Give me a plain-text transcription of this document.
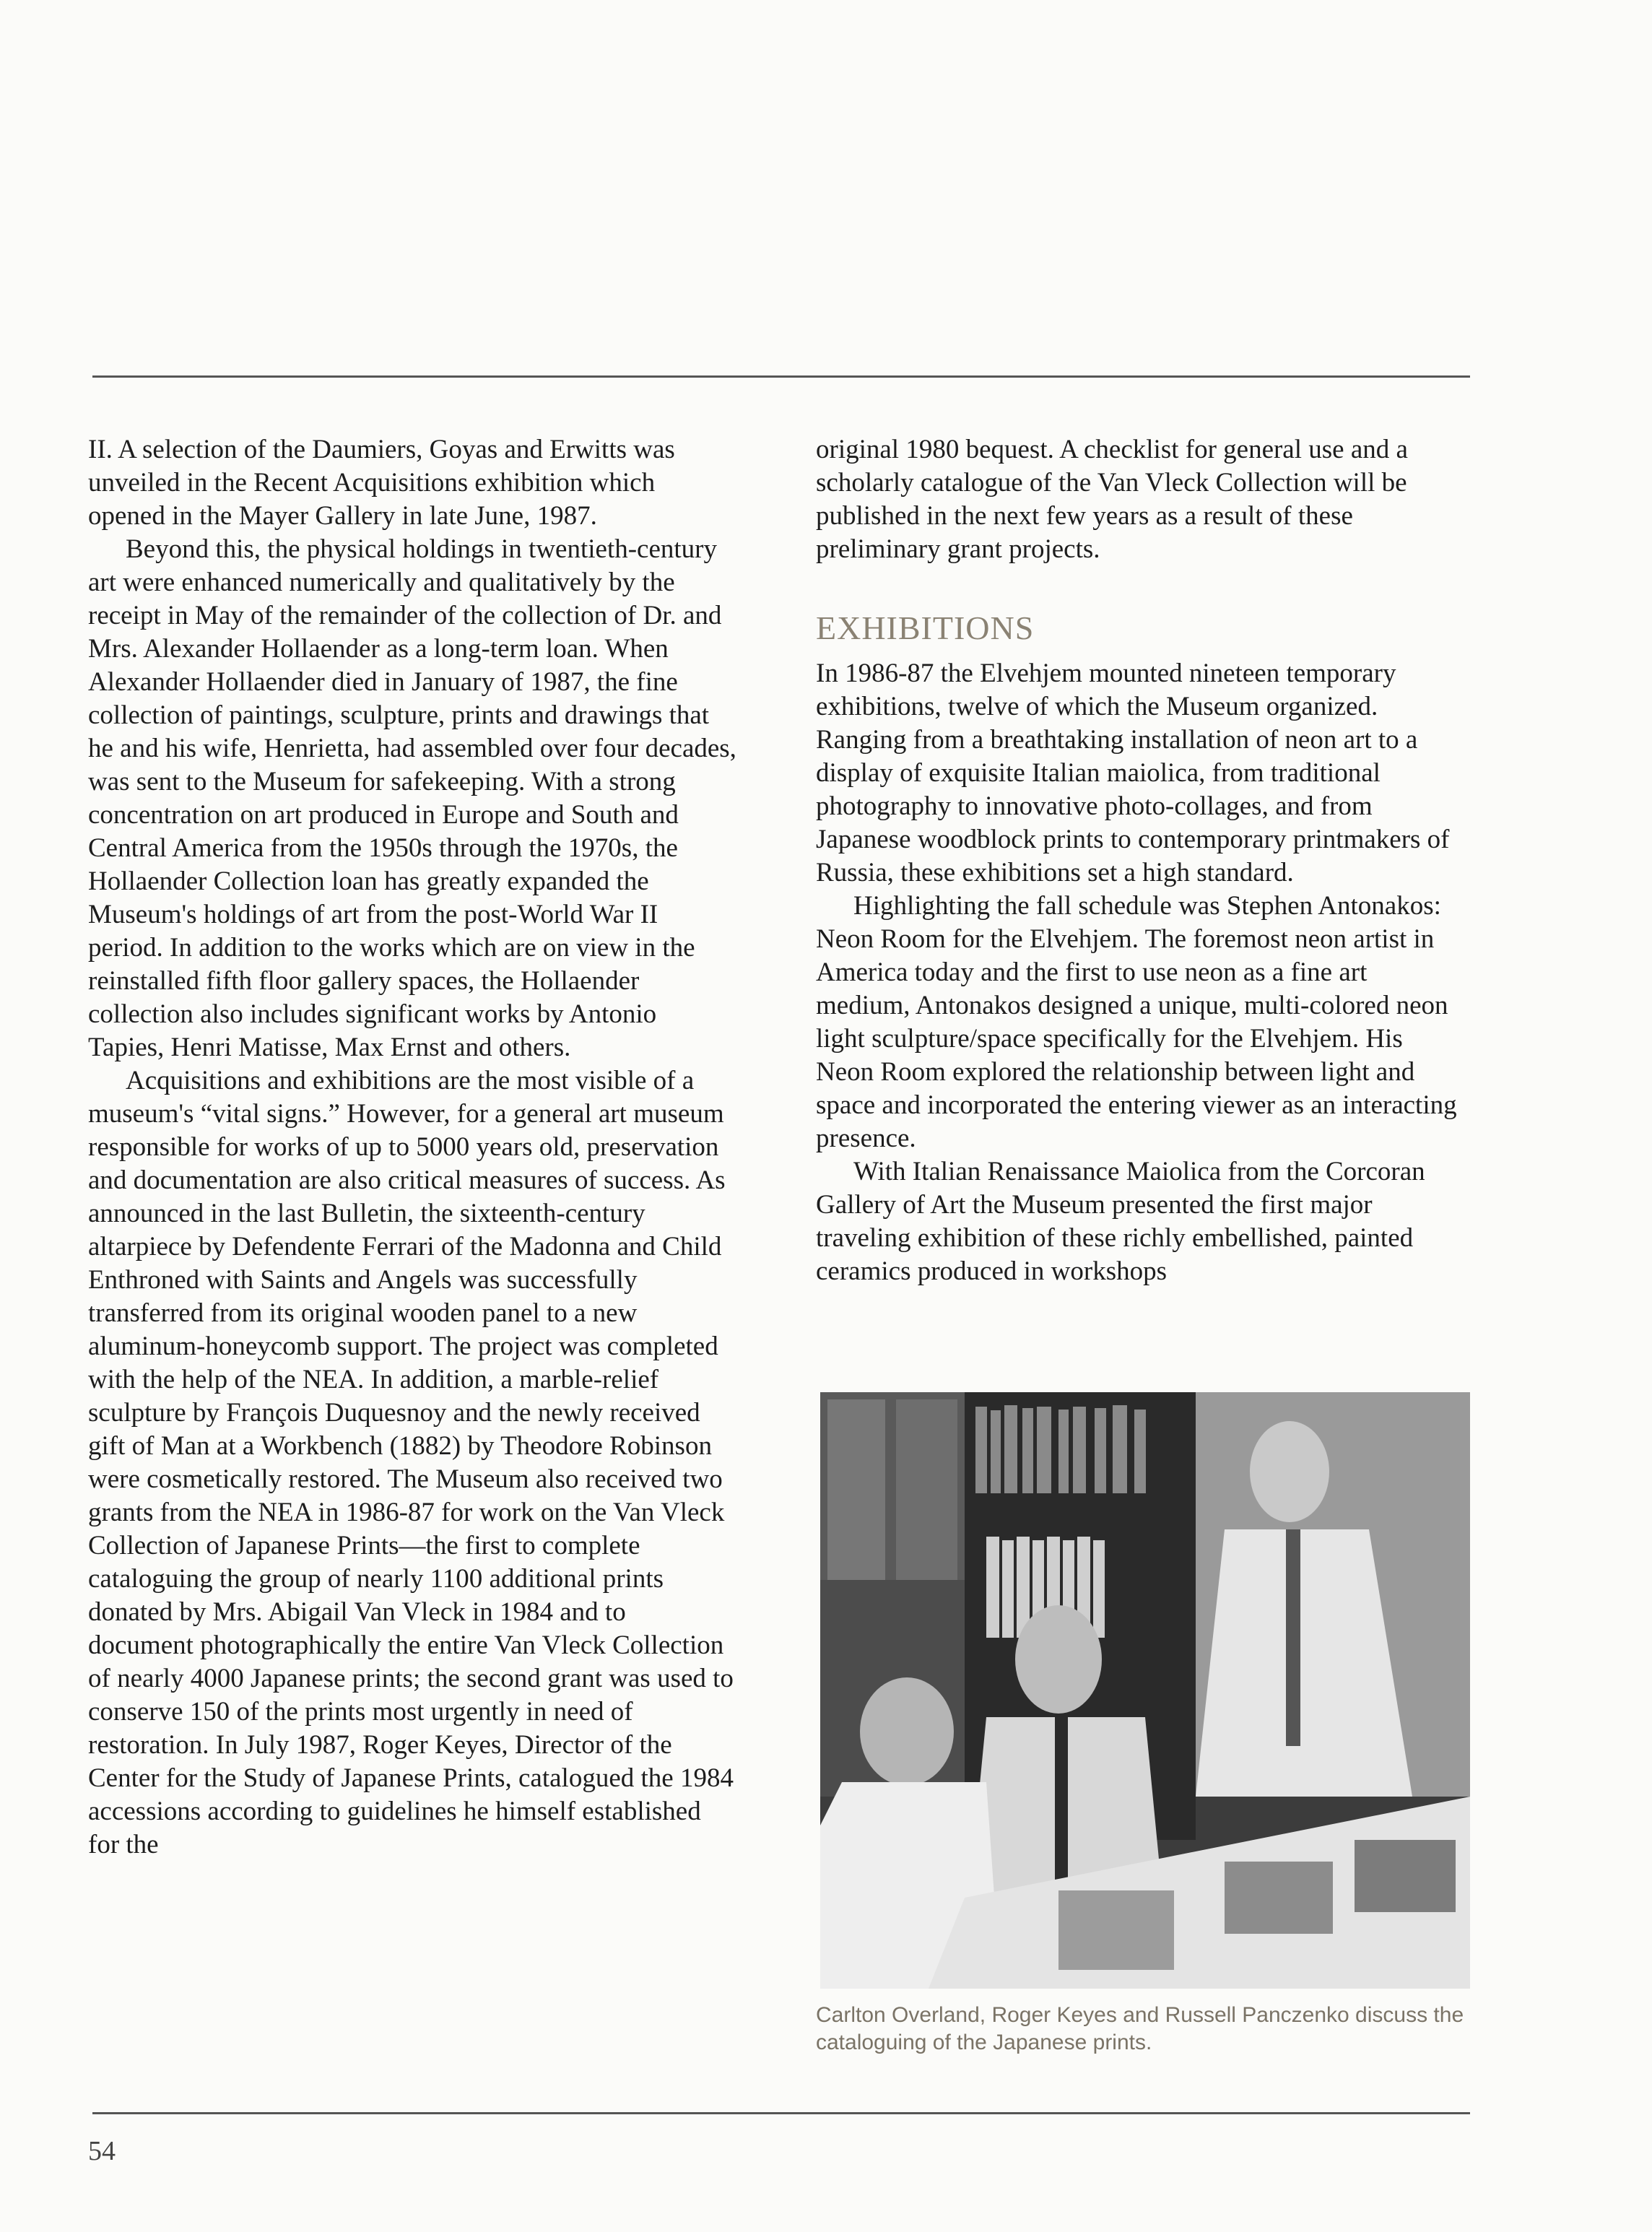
II. A selection of the Daumiers, Goyas and Erwitts was unveiled in the Recent Acquisitions exhibition which opened in the Mayer Gallery in late June, 1987.

Beyond this, the physical holdings in twentieth-century art were enhanced numerically and qualitatively by the receipt in May of the remainder of the collection of Dr. and Mrs. Alexander Hollaender as a long-term loan. When Alexander Hollaender died in January of 1987, the fine collection of paintings, sculpture, prints and drawings that he and his wife, Henrietta, had assembled over four decades, was sent to the Museum for safekeeping. With a strong concentration on art produced in Europe and South and Central America from the 1950s through the 1970s, the Hollaender Collection loan has greatly expanded the Museum's holdings of art from the post-World War II period. In addition to the works which are on view in the reinstalled fifth floor gallery spaces, the Hollaender collection also includes significant works by Antonio Tapies, Henri Matisse, Max Ernst and others.

Acquisitions and exhibitions are the most visible of a museum's “vital signs.” However, for a general art museum responsible for works of up to 5000 years old, preservation and documentation are also critical measures of success. As announced in the last Bulletin, the sixteenth-century altarpiece by Defendente Ferrari of the Madonna and Child Enthroned with Saints and Angels was successfully transferred from its original wooden panel to a new aluminum-honeycomb support. The project was completed with the help of the NEA. In addition, a marble-relief sculpture by François Duquesnoy and the newly received gift of Man at a Workbench (1882) by Theodore Robinson were cosmetically restored. The Museum also received two grants from the NEA in 1986-87 for work on the Van Vleck Collection of Japanese Prints—the first to complete cataloguing the group of nearly 1100 additional prints donated by Mrs. Abigail Van Vleck in 1984 and to document photographically the entire Van Vleck Collection of nearly 4000 Japanese prints; the second grant was used to conserve 150 of the prints most urgently in need of restoration. In July 1987, Roger Keyes, Director of the Center for the Study of Japanese Prints, catalogued the 1984 accessions according to guidelines he himself established for the

original 1980 bequest. A checklist for general use and a scholarly catalogue of the Van Vleck Collection will be published in the next few years as a result of these preliminary grant projects.

EXHIBITIONS

In 1986-87 the Elvehjem mounted nineteen temporary exhibitions, twelve of which the Museum organized. Ranging from a breathtaking installation of neon art to a display of exquisite Italian maiolica, from traditional photography to innovative photo-collages, and from Japanese woodblock prints to contemporary printmakers of Russia, these exhibitions set a high standard.

Highlighting the fall schedule was Stephen Antonakos: Neon Room for the Elvehjem. The foremost neon artist in America today and the first to use neon as a fine art medium, Antonakos designed a unique, multi-colored neon light sculpture/space specifically for the Elvehjem. His Neon Room explored the relationship between light and space and incorporated the entering viewer as an interacting presence.

With Italian Renaissance Maiolica from the Corcoran Gallery of Art the Museum presented the first major traveling exhibition of these richly embellished, painted ceramics produced in workshops

Carlton Overland, Roger Keyes and Russell Panczenko discuss the cataloguing of the Japanese prints.
54
